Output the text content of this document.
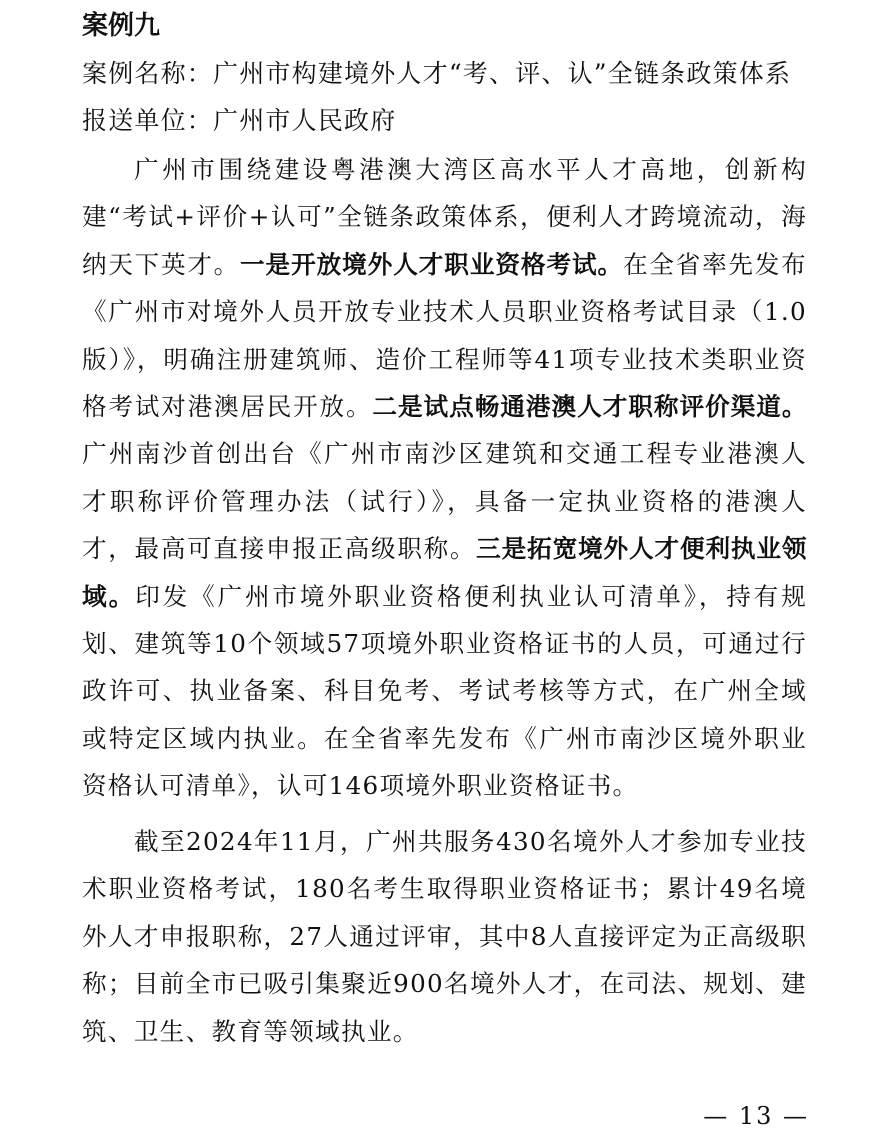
案例九
案例名称：广州市构建境外人才“考、评、认”全链条政策体系
报送单位：广州市人民政府

广州市围绕建设粤港澳大湾区高水平人才高地，创新构建“考试+评价+认可”全链条政策体系，便利人才跨境流动，海纳天下英才。一是开放境外人才职业资格考试。在全省率先发布《广州市对境外人员开放专业技术人员职业资格考试目录（1.0版）》，明确注册建筑师、造价工程师等41项专业技术类职业资格考试对港澳居民开放。二是试点畅通港澳人才职称评价渠道。广州南沙首创出台《广州市南沙区建筑和交通工程专业港澳人才职称评价管理办法（试行）》，具备一定执业资格的港澳人才，最高可直接申报正高级职称。三是拓宽境外人才便利执业领域。印发《广州市境外职业资格便利执业认可清单》，持有规划、建筑等10个领域57项境外职业资格证书的人员，可通过行政许可、执业备案、科目免考、考试考核等方式，在广州全域或特定区域内执业。在全省率先发布《广州市南沙区境外职业资格认可清单》，认可146项境外职业资格证书。

截至2024年11月，广州共服务430名境外人才参加专业技术职业资格考试，180名考生取得职业资格证书；累计49名境外人才申报职称，27人通过评审，其中8人直接评定为正高级职称；目前全市已吸引集聚近900名境外人才，在司法、规划、建筑、卫生、教育等领域执业。

— 13 —
